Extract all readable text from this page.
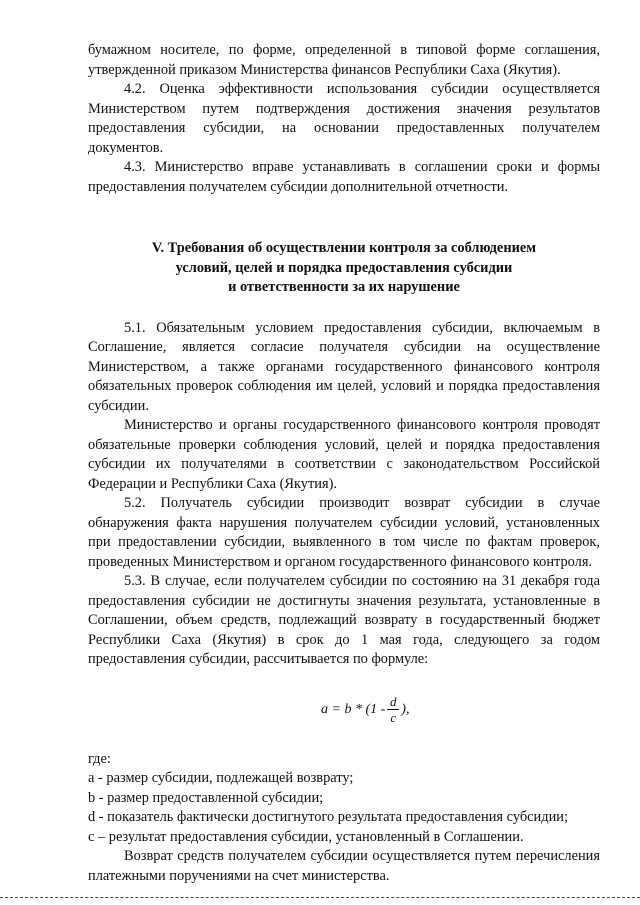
бумажном носителе, по форме, определенной в типовой форме соглашения, утвержденной приказом Министерства финансов Республики Саха (Якутия).

4.2. Оценка эффективности использования субсидии осуществляется Министерством путем подтверждения достижения значения результатов предоставления субсидии, на основании предоставленных получателем документов.

4.3. Министерство вправе устанавливать в соглашении сроки и формы предоставления получателем субсидии дополнительной отчетности.

V. Требования об осуществлении контроля за соблюдением
условий, целей и порядка предоставления субсидии
и ответственности за их нарушение

5.1. Обязательным условием предоставления субсидии, включаемым в Соглашение, является согласие получателя субсидии на осуществление Министерством, а также органами государственного финансового контроля обязательных проверок соблюдения им целей, условий и порядка предоставления субсидии.

Министерство и органы государственного финансового контроля проводят обязательные проверки соблюдения условий, целей и порядка предоставления субсидии их получателями в соответствии с законодательством Российской Федерации и Республики Саха (Якутия).

5.2. Получатель субсидии производит возврат субсидии в случае обнаружения факта нарушения получателем субсидии условий, установленных при предоставлении субсидии, выявленного в том числе по фактам проверок, проведенных Министерством и органом государственного финансового контроля.

5.3. В случае, если получателем субсидии по состоянию на 31 декабря года предоставления субсидии не достигнуты значения результата, установленные в Соглашении, объем средств, подлежащий возврату в государственный бюджет Республики Саха (Якутия) в срок до 1 мая года, следующего за годом предоставления субсидии, рассчитывается по формуле:

$a = b * (1 - \frac{d}{c}$ ),

где:

a - размер субсидии, подлежащей возврату;

b - размер предоставленной субсидии;

d - показатель фактически достигнутого результата предоставления субсидии;

c – результат предоставления субсидии, установленный в Соглашении.

Возврат средств получателем субсидии осуществляется путем перечисления платежными поручениями на счет министерства.
